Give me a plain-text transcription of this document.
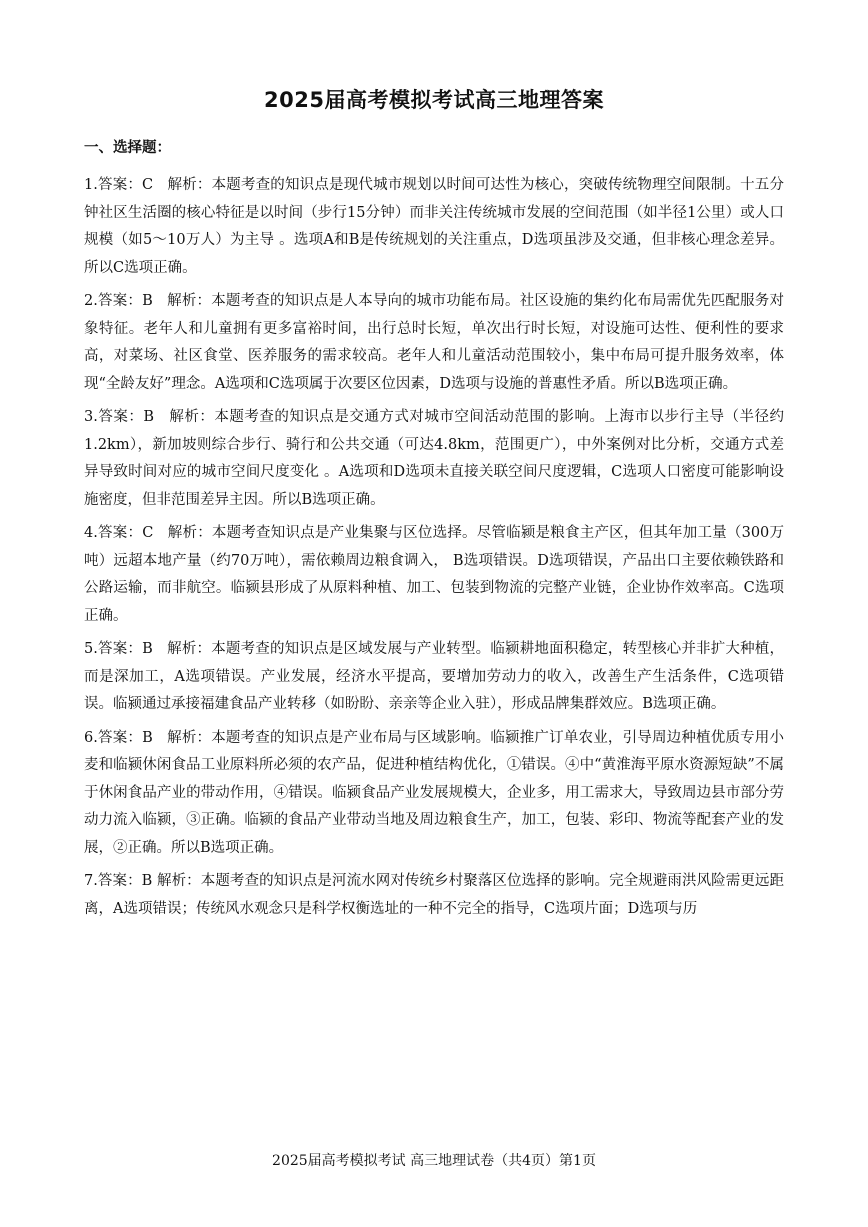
2025届高考模拟考试高三地理答案
一、选择题：

1.答案：C   解析：本题考查的知识点是现代城市规划以时间可达性为核心，突破传统物理空间限制。十五分钟社区生活圈的核心特征是以时间（步行15分钟）而非关注传统城市发展的空间范围（如半径1公里）或人口规模（如5～10万人）为主导 。选项A和B是传统规划的关注重点，D选项虽涉及交通，但非核心理念差异。所以C选项正确。

2.答案：B   解析：本题考查的知识点是人本导向的城市功能布局。社区设施的集约化布局需优先匹配服务对象特征。老年人和儿童拥有更多富裕时间，出行总时长短，单次出行时长短，对设施可达性、便利性的要求高，对菜场、社区食堂、医养服务的需求较高。老年人和儿童活动范围较小，集中布局可提升服务效率，体现“全龄友好”理念。A选项和C选项属于次要区位因素，D选项与设施的普惠性矛盾。所以B选项正确。

3.答案：B   解析：本题考查的知识点是交通方式对城市空间活动范围的影响。上海市以步行主导（半径约1.2km），新加坡则综合步行、骑行和公共交通（可达4.8km，范围更广），中外案例对比分析，交通方式差异导致时间对应的城市空间尺度变化 。A选项和D选项未直接关联空间尺度逻辑，C选项人口密度可能影响设施密度，但非范围差异主因。所以B选项正确。

4.答案：C   解析：本题考查知识点是产业集聚与区位选择。尽管临颍是粮食主产区，但其年加工量（300万吨）远超本地产量（约70万吨），需依赖周边粮食调入， B选项错误。D选项错误，产品出口主要依赖铁路和公路运输，而非航空。临颍县形成了从原料种植、加工、包装到物流的完整产业链，企业协作效率高。C选项正确。

5.答案：B   解析：本题考查的知识点是区域发展与产业转型。临颍耕地面积稳定，转型核心并非扩大种植，而是深加工，A选项错误。产业发展，经济水平提高，要增加劳动力的收入，改善生产生活条件，C选项错误。临颍通过承接福建食品产业转移（如盼盼、亲亲等企业入驻），形成品牌集群效应。B选项正确。

6.答案：B   解析：本题考查的知识点是产业布局与区域影响。临颍推广订单农业，引导周边种植优质专用小麦和临颍休闲食品工业原料所必须的农产品，促进种植结构优化，①错误。④中“黄淮海平原水资源短缺”不属于休闲食品产业的带动作用，④错误。临颍食品产业发展规模大，企业多，用工需求大，导致周边县市部分劳动力流入临颍，③正确。临颍的食品产业带动当地及周边粮食生产，加工，包装、彩印、物流等配套产业的发展，②正确。所以B选项正确。

7.答案：B 解析：本题考查的知识点是河流水网对传统乡村聚落区位选择的影响。完全规避雨洪风险需更远距离，A选项错误；传统风水观念只是科学权衡选址的一种不完全的指导，C选项片面；D选项与历

2025届高考模拟考试 高三地理试卷（共4页）第1页
